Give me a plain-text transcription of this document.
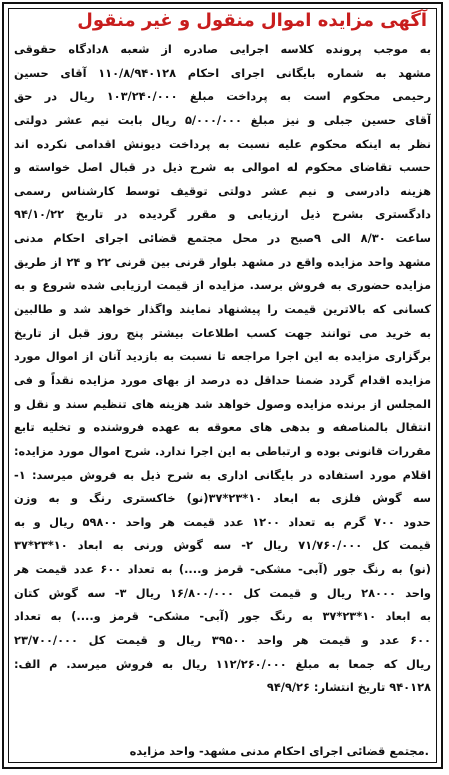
آگهی مزایده اموال منقول و غیر منقول
به موجب پرونده کلاسه اجرایی صادره از شعبه ۸دادگاه حقوقی
مشهد به شماره بایگانی اجرای احکام ۱۱۰/۸/۹۴۰۱۲۸ آقای حسین
رحیمی محکوم است به پرداخت مبلغ ۱۰۳/۲۴۰/۰۰۰ ریال در حق
آقای حسین جبلی و نیز مبلغ ۵/۰۰۰/۰۰۰ ریال بابت نیم عشر دولتی
نظر به اینکه محکوم علیه نسبت به پرداخت دیونش اقدامی نکرده اند
حسب تقاضای محکوم له اموالی به شرح ذیل در قبال اصل خواسته و
هزینه دادرسی و نیم عشر دولتی توقیف توسط کارشناس رسمی
دادگستری بشرح ذیل ارزیابی و مقرر گردیده در تاریخ ۹۴/۱۰/۲۲
ساعت ۸/۳۰ الی ۹صبح در محل مجتمع قضائی اجرای احکام مدنی
مشهد واحد مزایده واقع در مشهد بلوار قرنی بین قرنی ۲۲ و ۲۴ از طریق
مزایده حضوری به فروش برسد. مزایده از قیمت ارزیابی شده شروع و به
کسانی که بالاترین قیمت را پیشنهاد نمایند واگذار خواهد شد و طالبین
به خرید می توانند جهت کسب اطلاعات بیشتر پنج روز قبل از تاریخ
برگزاری مزایده به این اجرا مراجعه تا نسبت به بازدید آنان از اموال مورد
مزایده اقدام گردد ضمنا حداقل ده درصد از بهای مورد مزایده نقداً و فی
المجلس از برنده مزایده وصول خواهد شد هزینه های تنظیم سند و نقل و
انتقال بالمناصفه و بدهی های معوقه به عهده فروشنده و تخلیه تابع
مقررات قانونی بوده و ارتباطی به این اجرا ندارد. شرح اموال مورد مزایده:
اقلام مورد استفاده در بایگانی اداری به شرح ذیل به فروش میرسد: ۱-
سه گوش فلزی به ابعاد ۱۰*۲۳*۳۷(نو) خاکستری رنگ و به وزن
حدود ۷۰۰ گرم به تعداد ۱۲۰۰ عدد قیمت هر واحد ۵۹۸۰۰ ریال و به
قیمت کل ۷۱/۷۶۰/۰۰۰ ریال ۲- سه گوش ورنی به ابعاد ۱۰*۲۳*۳۷
(نو) به رنگ جور (آبی- مشکی- قرمز و....) به تعداد ۶۰۰ عدد قیمت هر
واحد ۲۸۰۰۰ ریال و قیمت کل ۱۶/۸۰۰/۰۰۰ ریال ۳- سه گوش کتان
به ابعاد ۱۰*۲۳*۳۷ به رنگ جور (آبی- مشکی- قرمز و....) به تعداد
۶۰۰ عدد و قیمت هر واحد ۳۹۵۰۰ ریال و قیمت کل ۲۳/۷۰۰/۰۰۰
ریال که جمعا به مبلغ ۱۱۲/۲۶۰/۰۰۰ ریال به فروش میرسد. م الف:
۹۴۰۱۲۸ تاریخ انتشار: ۹۴/۹/۲۶
.مجتمع قضائی اجرای احکام مدنی مشهد- واحد مزایده
